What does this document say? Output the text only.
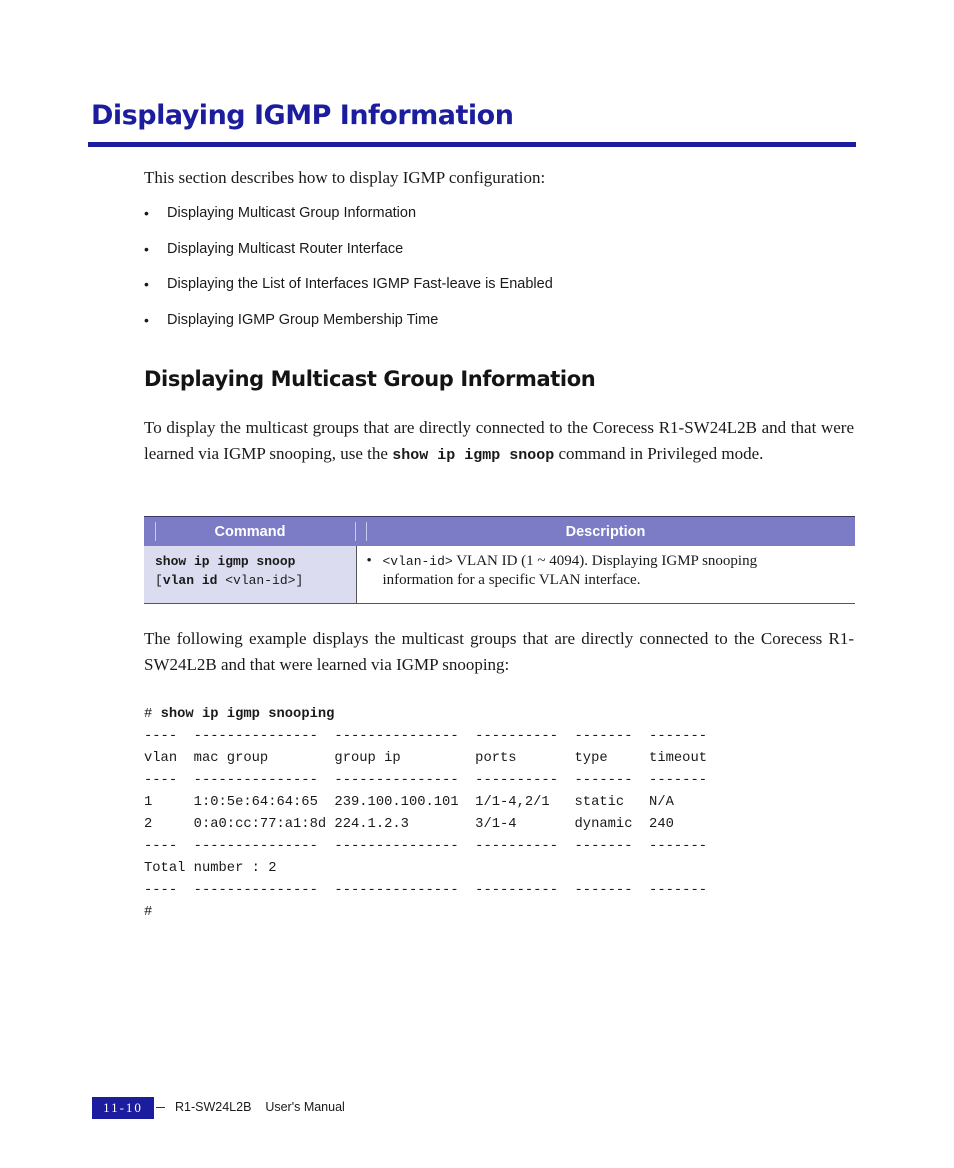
Displaying IGMP Information
This section describes how to display IGMP configuration:
• Displaying Multicast Group Information
• Displaying Multicast Router Interface
• Displaying the List of Interfaces IGMP Fast-leave is Enabled
• Displaying IGMP Group Membership Time
Displaying Multicast Group Information
To display the multicast groups that are directly connected to the Corecess R1-SW24L2B and that were learned via IGMP snooping, use the show ip igmp snoop command in Privileged mode.
Command	Description
show ip igmp snoop
[vlan id <vlan-id>]	• <vlan-id> VLAN ID (1 ~ 4094). Displaying IGMP snooping
information for a specific VLAN interface.
The following example displays the multicast groups that are directly connected to the Corecess R1-SW24L2B and that were learned via IGMP snooping:
# show ip igmp snooping
----  ---------------  ---------------  ----------  -------  -------
vlan  mac group        group ip         ports       type     timeout
----  ---------------  ---------------  ----------  -------  -------
1     1:0:5e:64:64:65  239.100.100.101  1/1-4,2/1   static   N/A
2     0:a0:cc:77:a1:8d 224.1.2.3        3/1-4       dynamic  240
----  ---------------  ---------------  ----------  -------  -------
Total number : 2
----  ---------------  ---------------  ----------  -------  -------
#
11-10	R1-SW24L2B    User's Manual
